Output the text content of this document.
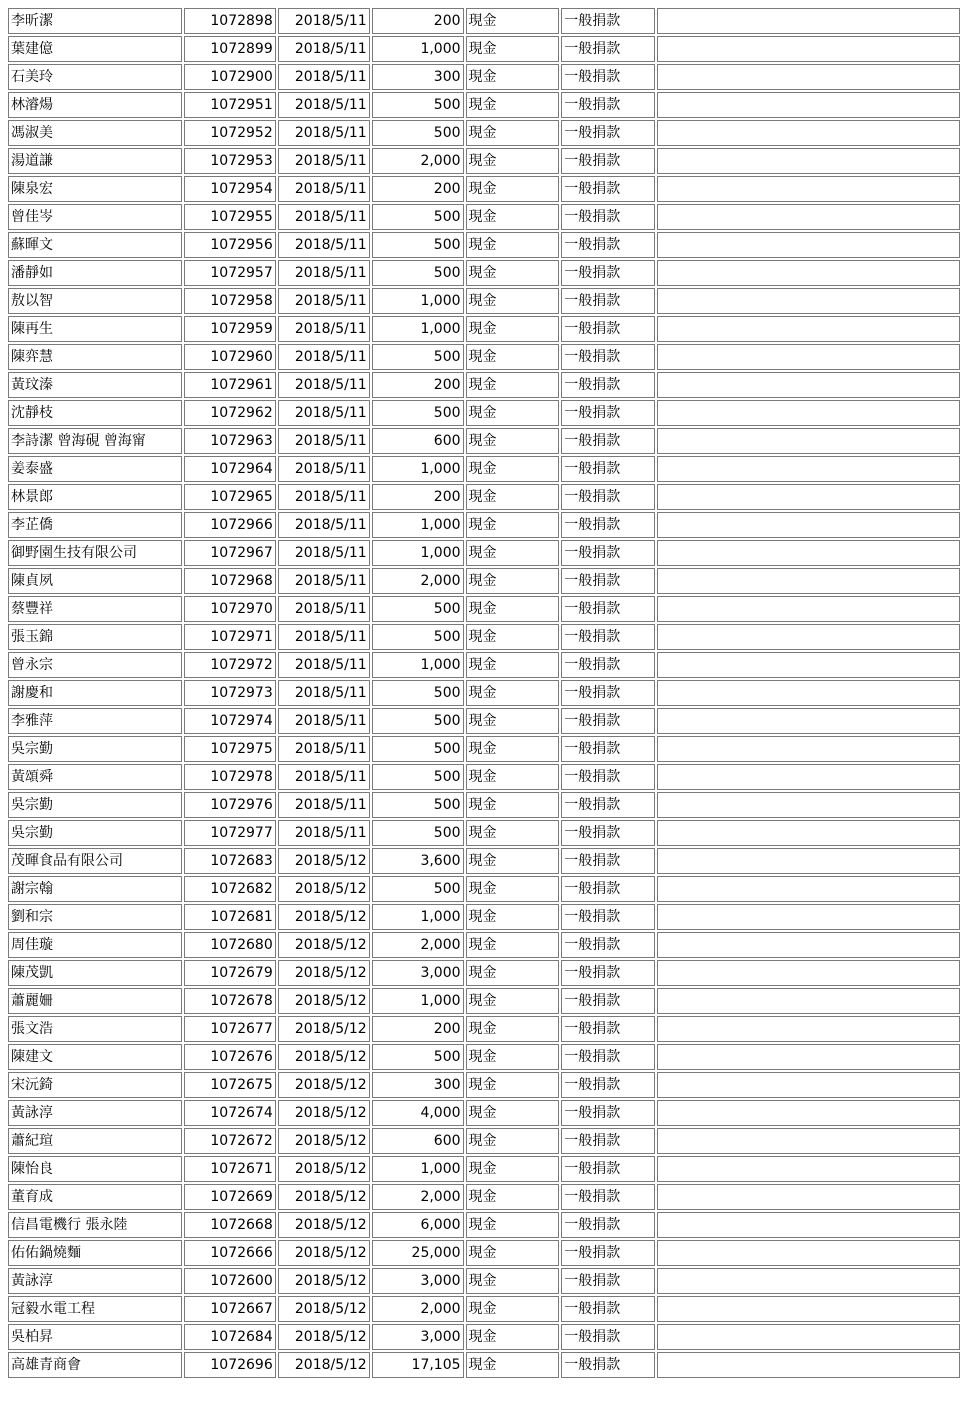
李昕潔	1072898	2018/5/11	200	現金	一般捐款	
葉建億	1072899	2018/5/11	1,000	現金	一般捐款	
石美玲	1072900	2018/5/11	300	現金	一般捐款	
林濬煬	1072951	2018/5/11	500	現金	一般捐款	
馮淑美	1072952	2018/5/11	500	現金	一般捐款	
湯道謙	1072953	2018/5/11	2,000	現金	一般捐款	
陳泉宏	1072954	2018/5/11	200	現金	一般捐款	
曾佳岑	1072955	2018/5/11	500	現金	一般捐款	
蘇暉文	1072956	2018/5/11	500	現金	一般捐款	
潘靜如	1072957	2018/5/11	500	現金	一般捐款	
敖以智	1072958	2018/5/11	1,000	現金	一般捐款	
陳再生	1072959	2018/5/11	1,000	現金	一般捐款	
陳弈慧	1072960	2018/5/11	500	現金	一般捐款	
黃玟溱	1072961	2018/5/11	200	現金	一般捐款	
沈靜枝	1072962	2018/5/11	500	現金	一般捐款	
李詩潔 曾海硯 曾海甯	1072963	2018/5/11	600	現金	一般捐款	
姜泰盛	1072964	2018/5/11	1,000	現金	一般捐款	
林景郎	1072965	2018/5/11	200	現金	一般捐款	
李芷僑	1072966	2018/5/11	1,000	現金	一般捐款	
御野園生技有限公司	1072967	2018/5/11	1,000	現金	一般捐款	
陳貞夙	1072968	2018/5/11	2,000	現金	一般捐款	
蔡豐祥	1072970	2018/5/11	500	現金	一般捐款	
張玉錦	1072971	2018/5/11	500	現金	一般捐款	
曾永宗	1072972	2018/5/11	1,000	現金	一般捐款	
謝慶和	1072973	2018/5/11	500	現金	一般捐款	
李雅萍	1072974	2018/5/11	500	現金	一般捐款	
吳宗勤	1072975	2018/5/11	500	現金	一般捐款	
黃頌舜	1072978	2018/5/11	500	現金	一般捐款	
吳宗勤	1072976	2018/5/11	500	現金	一般捐款	
吳宗勤	1072977	2018/5/11	500	現金	一般捐款	
茂暉食品有限公司	1072683	2018/5/12	3,600	現金	一般捐款	
謝宗翰	1072682	2018/5/12	500	現金	一般捐款	
劉和宗	1072681	2018/5/12	1,000	現金	一般捐款	
周佳璇	1072680	2018/5/12	2,000	現金	一般捐款	
陳茂凱	1072679	2018/5/12	3,000	現金	一般捐款	
蕭麗姍	1072678	2018/5/12	1,000	現金	一般捐款	
張文浩	1072677	2018/5/12	200	現金	一般捐款	
陳建文	1072676	2018/5/12	500	現金	一般捐款	
宋沅錡	1072675	2018/5/12	300	現金	一般捐款	
黃詠淳	1072674	2018/5/12	4,000	現金	一般捐款	
蕭紀瑄	1072672	2018/5/12	600	現金	一般捐款	
陳怡良	1072671	2018/5/12	1,000	現金	一般捐款	
董育成	1072669	2018/5/12	2,000	現金	一般捐款	
信昌電機行 張永陸	1072668	2018/5/12	6,000	現金	一般捐款	
佑佑鍋燒麵	1072666	2018/5/12	25,000	現金	一般捐款	
黃詠淳	1072600	2018/5/12	3,000	現金	一般捐款	
冠毅水電工程	1072667	2018/5/12	2,000	現金	一般捐款	
吳柏昇	1072684	2018/5/12	3,000	現金	一般捐款	
高雄青商會	1072696	2018/5/12	17,105	現金	一般捐款	
